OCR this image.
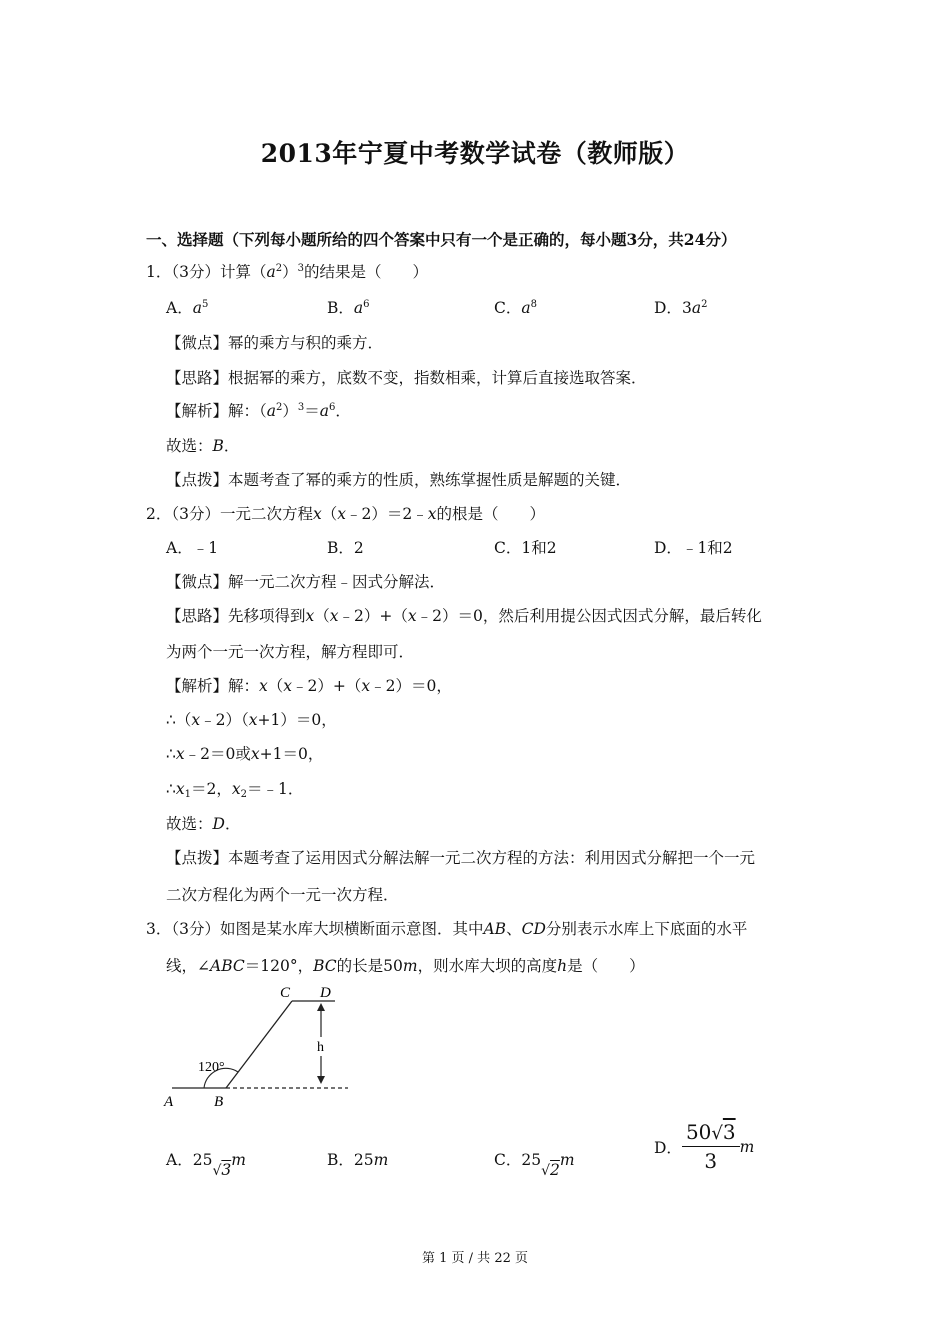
2013年宁夏中考数学试卷（教师版）
一、选择题（下列每小题所给的四个答案中只有一个是正确的，每小题3分，共24分）
1．（3分）计算$(a^2)^3$的结果是（　　）
A．$a^5$	B．$a^6$	C．$a^8$	D．$3a^2$
【微点】幂的乘方与积的乘方．
【思路】根据幂的乘方，底数不变，指数相乘，计算后直接选取答案．
【解析】解：$(a^2)^3=a^6$．
故选：B．
【点拨】本题考查了幂的乘方的性质，熟练掌握性质是解题的关键．
2．（3分）一元二次方程x（x﹣2）＝2﹣x的根是（　　）
A．﹣1	B．2	C．1和2	D．﹣1和2
【微点】解一元二次方程﹣因式分解法．
【思路】先移项得到x（x﹣2）+（x﹣2）＝0，然后利用提公因式因式分解，最后转化
为两个一元一次方程，解方程即可．
【解析】解：x（x﹣2）+（x﹣2）＝0，
∴（x﹣2）（x+1）＝0，
∴x﹣2＝0或x+1＝0，
$\therefore x_1=2$，$x_2=﹣1$．
故选：D．
【点拨】本题考查了运用因式分解法解一元二次方程的方法：利用因式分解把一个一元
二次方程化为两个一元一次方程．
3．（3分）如图是某水库大坝横断面示意图．其中AB、CD分别表示水库上下底面的水平
线，∠ABC＝120°，BC的长是50m，则水库大坝的高度h是（　　）
120°
h
A	B
C D
A．25√3m	B．25m	C．25√2m
D． $\frac{50√3}{3}$ m
第 1 页 / 共 22 页
